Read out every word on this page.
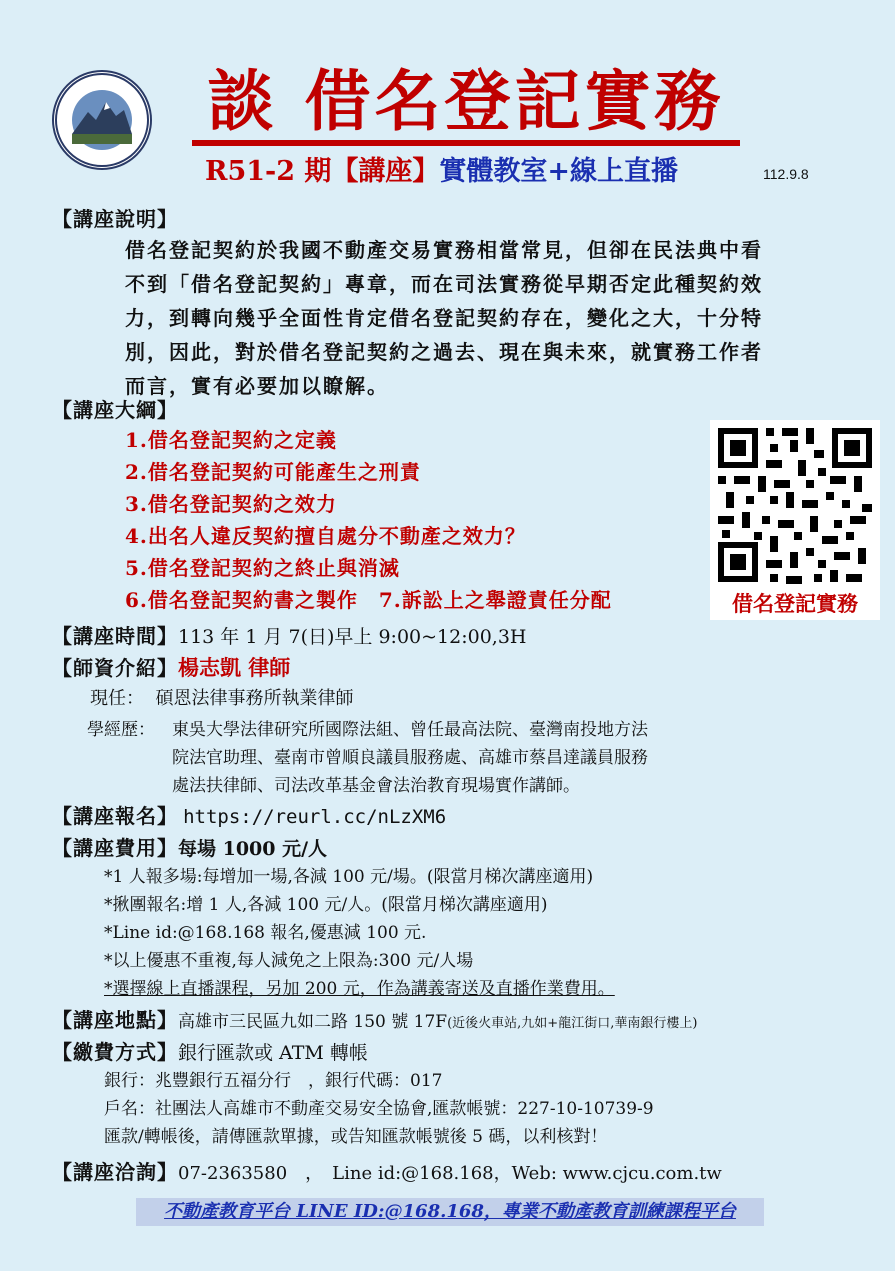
談 借名登記實務
R51-2 期【講座】實體教室+線上直播	112.9.8
【講座說明】

借名登記契約於我國不動產交易實務相當常見，但卻在民法典中看

不到「借名登記契約」專章，而在司法實務從早期否定此種契約效

力，到轉向幾乎全面性肯定借名登記契約存在，變化之大，十分特

別，因此，對於借名登記契約之過去、現在與未來，就實務工作者

而言，實有必要加以瞭解。

【講座大綱】
1.借名登記契約之定義
2.借名登記契約可能產生之刑責
3.借名登記契約之效力
4.出名人違反契約擅自處分不動產之效力？
5.借名登記契約之終止與消滅
6.借名登記契約書之製作　7.訴訟上之舉證責任分配	借名登記實務
【講座時間】113 年 1 月 7(日)早上 9:00~12:00,3H
【師資介紹】楊志凱 律師
現任： 碩恩法律事務所執業律師
學經歷： 東吳大學法律研究所國際法組、曾任最高法院、臺灣南投地方法
院法官助理、臺南市曾順良議員服務處、高雄市蔡昌達議員服務
處法扶律師、司法改革基金會法治教育現場實作講師。
【講座報名】 https://reurl.cc/nLzXM6
【講座費用】每場 1000 元/人
*1 人報多場:每增加一場,各減 100 元/場。(限當月梯次講座適用)
*揪團報名:增 1 人,各減 100 元/人。(限當月梯次講座適用)
*Line id:@168.168 報名,優惠減 100 元.
*以上優惠不重複,每人減免之上限為:300 元/人場
*選擇線上直播課程，另加 200 元，作為講義寄送及直播作業費用。
【講座地點】高雄市三民區九如二路 150 號 17F(近後火車站,九如+龍江街口,華南銀行樓上)
【繳費方式】銀行匯款或 ATM 轉帳
銀行：兆豐銀行五福分行　，銀行代碼：017
戶名：社團法人高雄市不動產交易安全協會,匯款帳號：227-10-10739-9
匯款/轉帳後，請傳匯款單據，或告知匯款帳號後 5 碼，以利核對！
【講座洽詢】07-2363580　，　Line id:@168.168，Web: www.cjcu.com.tw
不動產教育平台 LINE ID:@168.168，專業不動產教育訓練課程平台
